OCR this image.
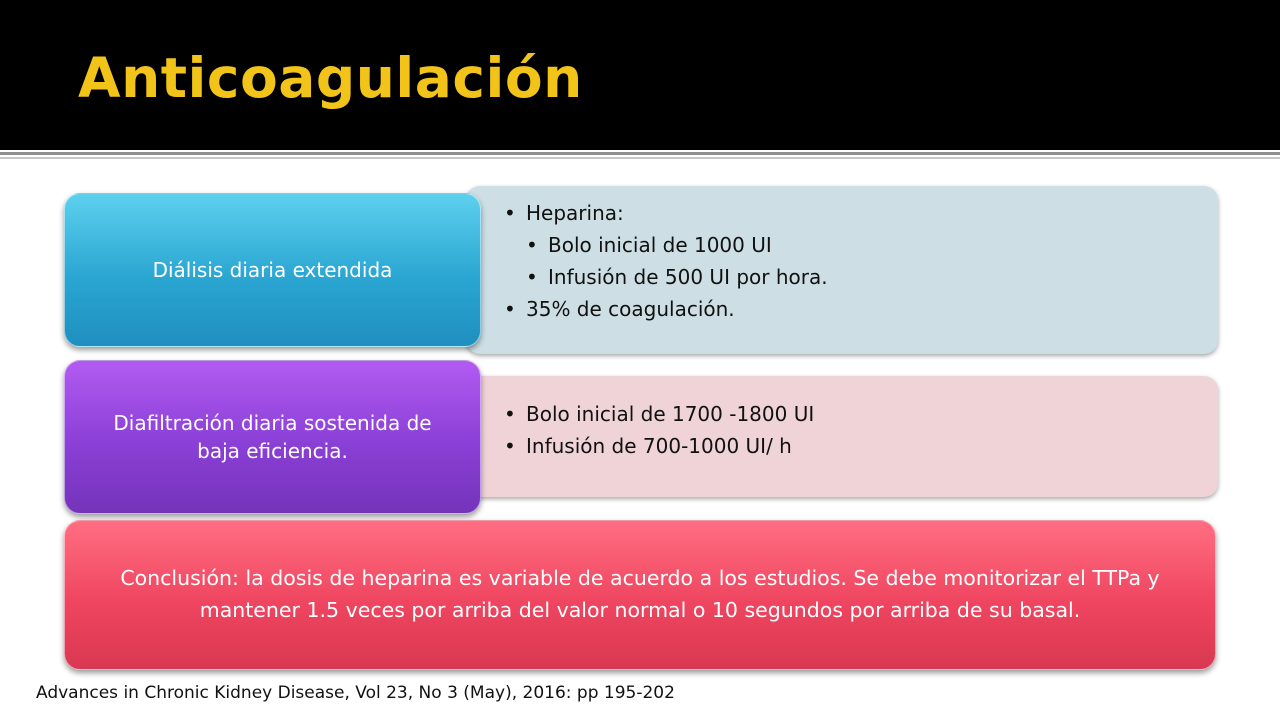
Anticoagulación
• Heparina:
• Bolo inicial de 1000 UI
• Infusión de 500 UI por hora.
• 35% de coagulación.
• Bolo inicial de 1700 -1800 UI
• Infusión de 700-1000 UI/ h
Diálisis diaria extendida
Diafiltración diaria sostenida de baja eficiencia.
Conclusión: la dosis de heparina es variable de acuerdo a los estudios. Se debe monitorizar el TTPa y mantener 1.5 veces por arriba del valor normal o 10 segundos por arriba de su basal.
Advances in Chronic Kidney Disease, Vol 23, No 3 (May), 2016: pp 195-202
